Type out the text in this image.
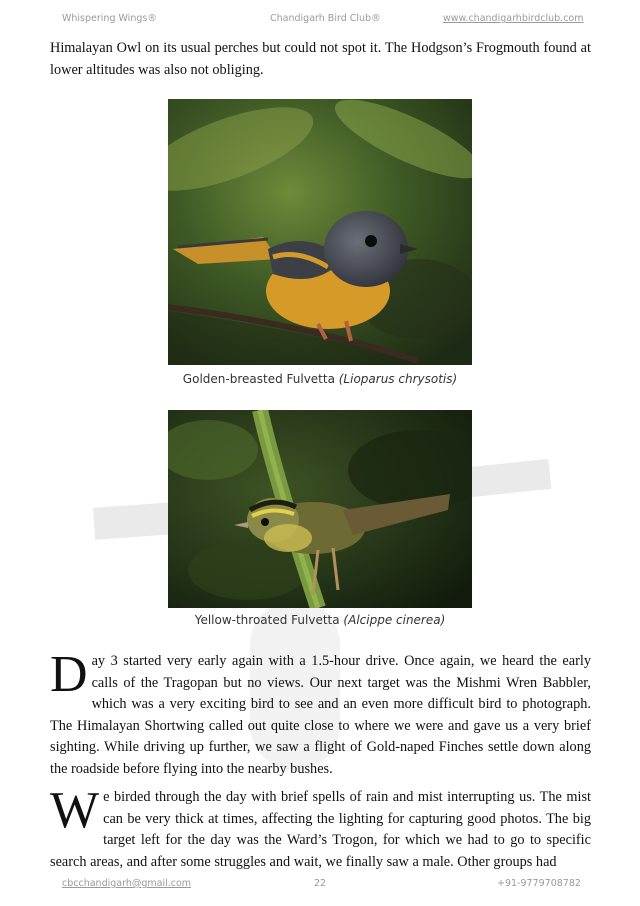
Whispering Wings®	Chandigarh Bird Club®	www.chandigarhbirdclub.com

Himalayan Owl on its usual perches but could not spot it. The Hodgson’s Frogmouth found at lower altitudes was also not obliging.

Golden-breasted Fulvetta (Lioparus chrysotis)
Yellow-throated Fulvetta (Alcippe cinerea)

Day 3 started very early again with a 1.5-hour drive. Once again, we heard the early calls of the Tragopan but no views. Our next target was the Mishmi Wren Babbler, which was a very exciting bird to see and an even more difficult bird to photograph. The Himalayan Shortwing called out quite close to where we were and gave us a very brief sighting. While driving up further, we saw a flight of Gold-naped Finches settle down along the roadside before flying into the nearby bushes.

We birded through the day with brief spells of rain and mist interrupting us. The mist can be very thick at times, affecting the lighting for capturing good photos. The big target left for the day was the Ward’s Trogon, for which we had to go to specific search areas, and after some struggles and wait, we finally saw a male. Other groups had

cbcchandigarh@gmail.com	22	+91-9779708782
